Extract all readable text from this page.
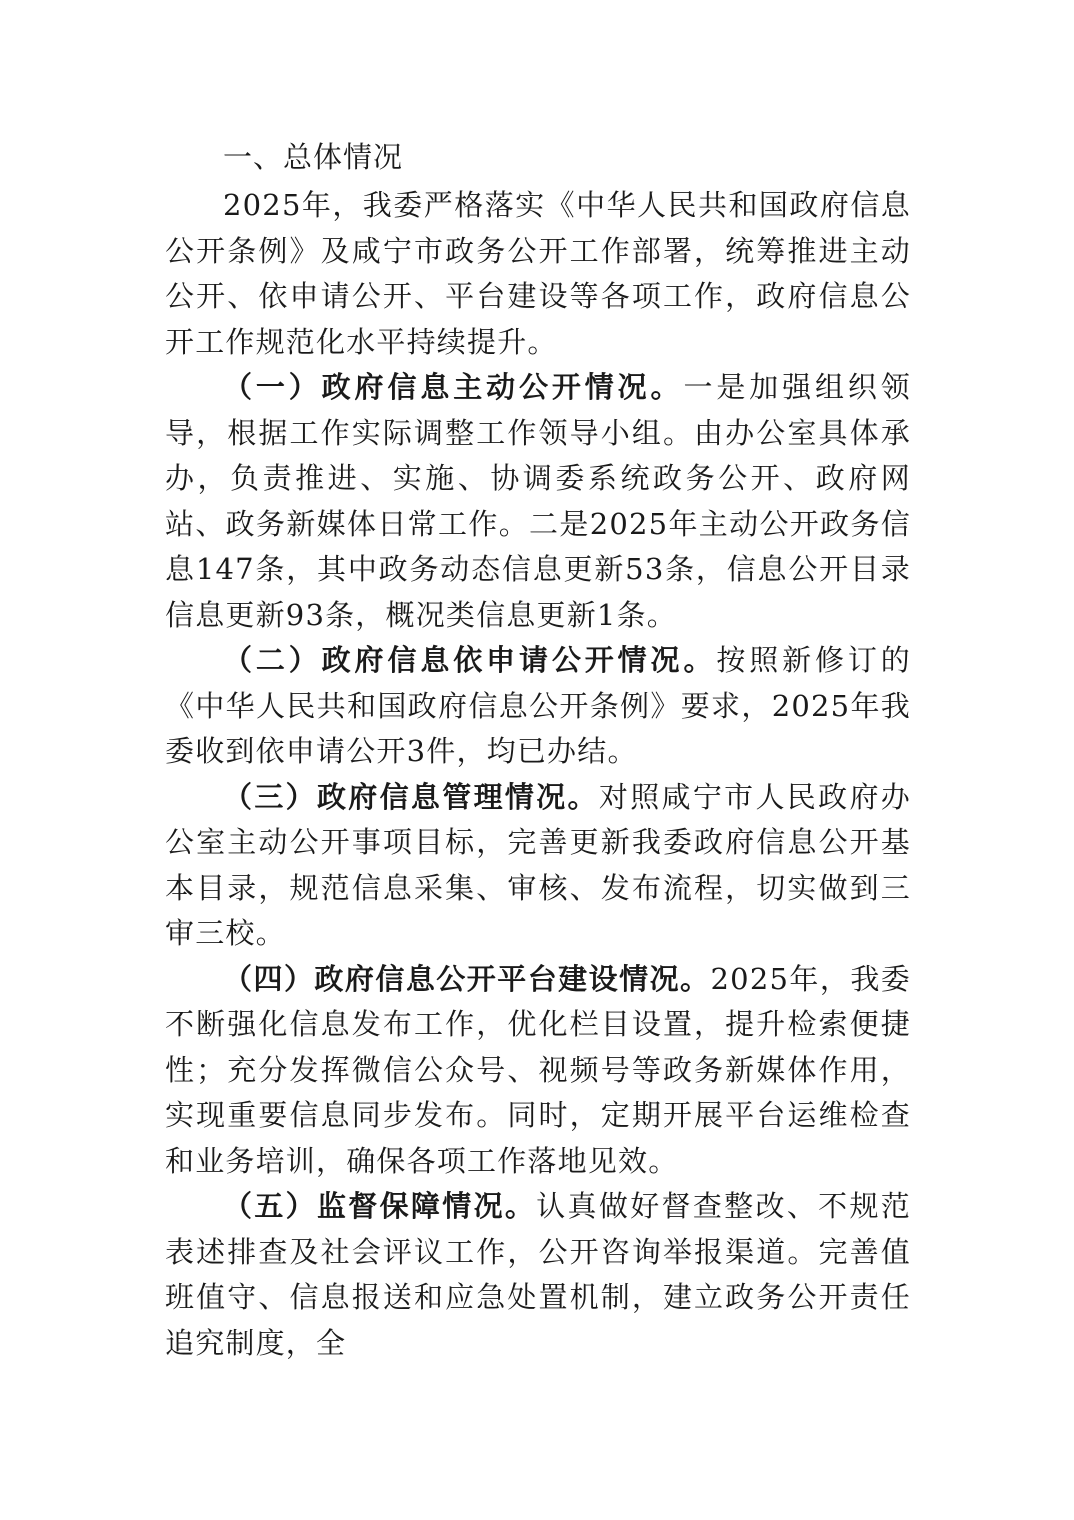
一、总体情况

2025年，我委严格落实《中华人民共和国政府信息公开条例》及咸宁市政务公开工作部署，统筹推进主动公开、依申请公开、平台建设等各项工作，政府信息公开工作规范化水平持续提升。

（一）政府信息主动公开情况。一是加强组织领导，根据工作实际调整工作领导小组。由办公室具体承办，负责推进、实施、协调委系统政务公开、政府网站、政务新媒体日常工作。二是2025年主动公开政务信息147条，其中政务动态信息更新53条，信息公开目录信息更新93条，概况类信息更新1条。

（二）政府信息依申请公开情况。按照新修订的《中华人民共和国政府信息公开条例》要求，2025年我委收到依申请公开3件，均已办结。

（三）政府信息管理情况。对照咸宁市人民政府办公室主动公开事项目标，完善更新我委政府信息公开基本目录，规范信息采集、审核、发布流程，切实做到三审三校。

（四）政府信息公开平台建设情况。2025年，我委不断强化信息发布工作，优化栏目设置，提升检索便捷性；充分发挥微信公众号、视频号等政务新媒体作用，实现重要信息同步发布。同时，定期开展平台运维检查和业务培训，确保各项工作落地见效。

（五）监督保障情况。认真做好督查整改、不规范表述排查及社会评议工作，公开咨询举报渠道。完善值班值守、信息报送和应急处置机制，建立政务公开责任追究制度，全
